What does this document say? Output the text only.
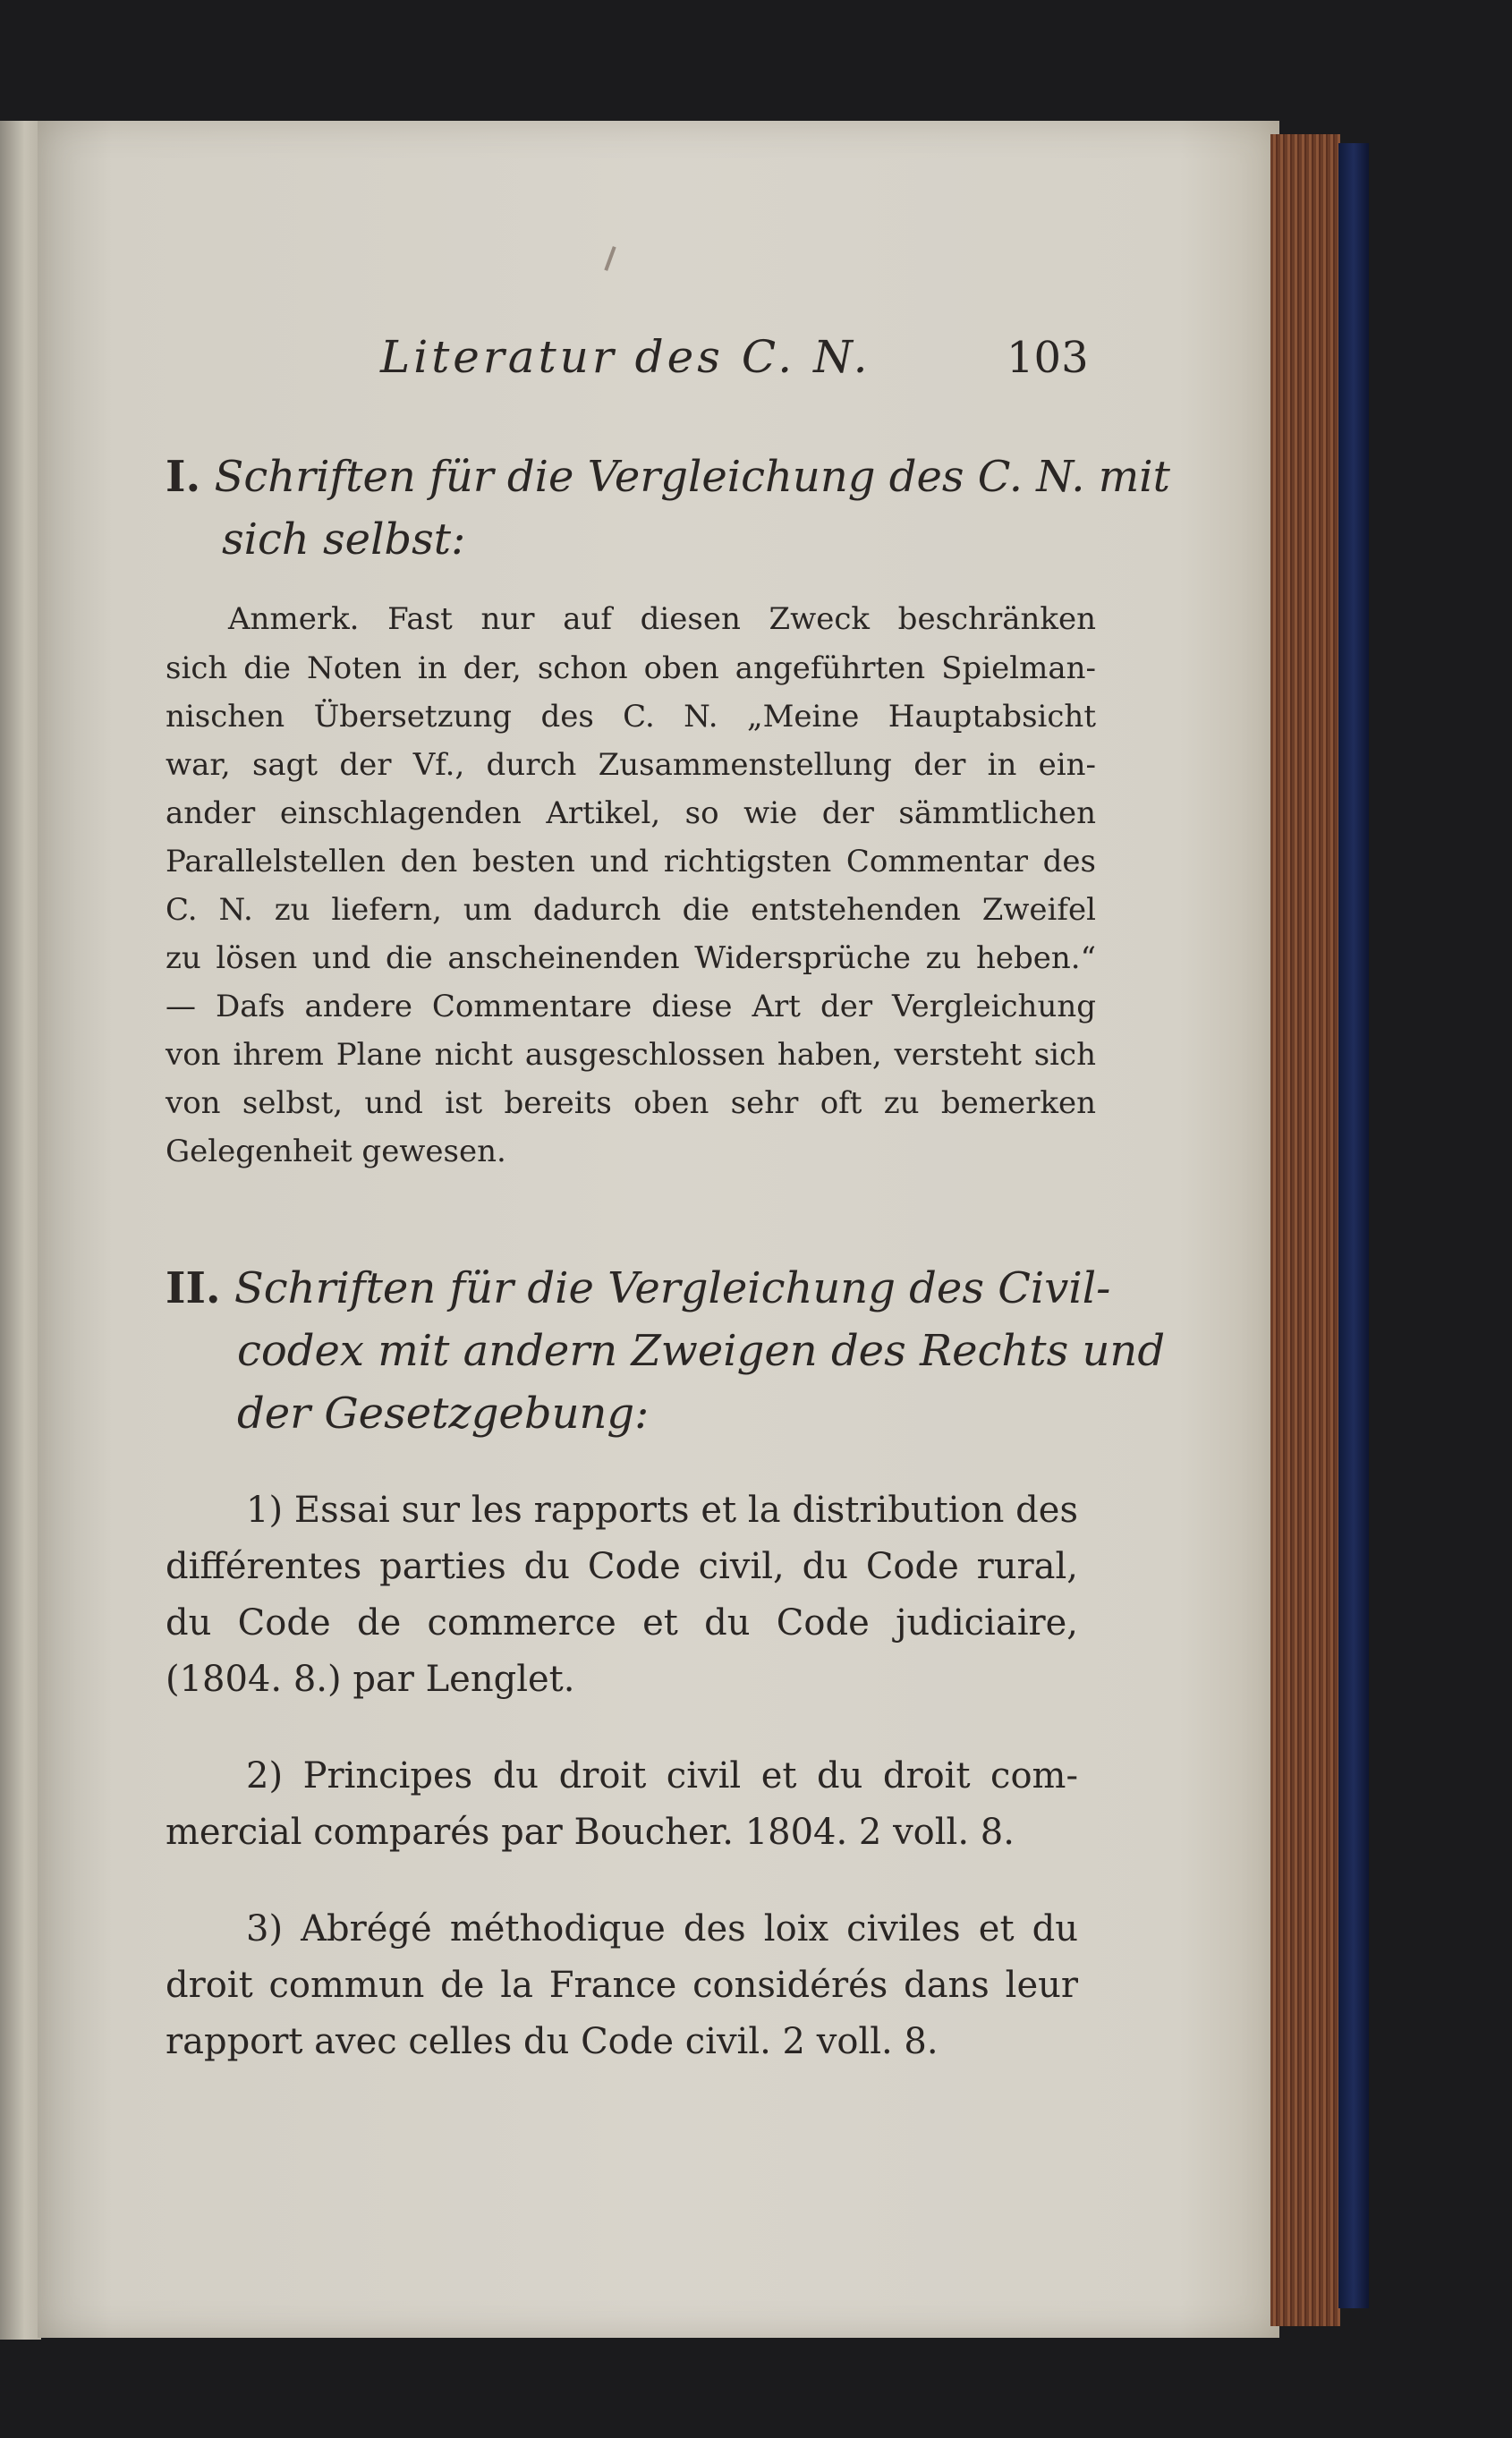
Literatur des C. N.	103
I. Schriften für die Vergleichung des C. N. mit
sich selbst:
Anmerk. Fast nur auf diesen Zweck beschränken
sich die Noten in der, schon oben angeführten Spielman-
nischen Übersetzung des C. N. „Meine Hauptabsicht
war, sagt der Vf., durch Zusammenstellung der in ein-
ander einschlagenden Artikel, so wie der sämmtlichen
Parallelstellen den besten und richtigsten Commentar des
C. N. zu liefern, um dadurch die entstehenden Zweifel
zu lösen und die anscheinenden Widersprüche zu heben.“
— Dafs andere Commentare diese Art der Vergleichung
von ihrem Plane nicht ausgeschlossen haben, versteht sich
von selbst, und ist bereits oben sehr oft zu bemerken
Gelegenheit gewesen.
II. Schriften für die Vergleichung des Civil-
codex mit andern Zweigen des Rechts und
der Gesetzgebung:
1) Essai sur les rapports et la distribution des
différentes parties du Code civil, du Code rural,
du Code de commerce et du Code judiciaire,
(1804. 8.) par Lenglet.
2) Principes du droit civil et du droit com-
mercial comparés par Boucher. 1804. 2 voll. 8.
3) Abrégé méthodique des loix civiles et du
droit commun de la France considérés dans leur
rapport avec celles du Code civil. 2 voll. 8.
